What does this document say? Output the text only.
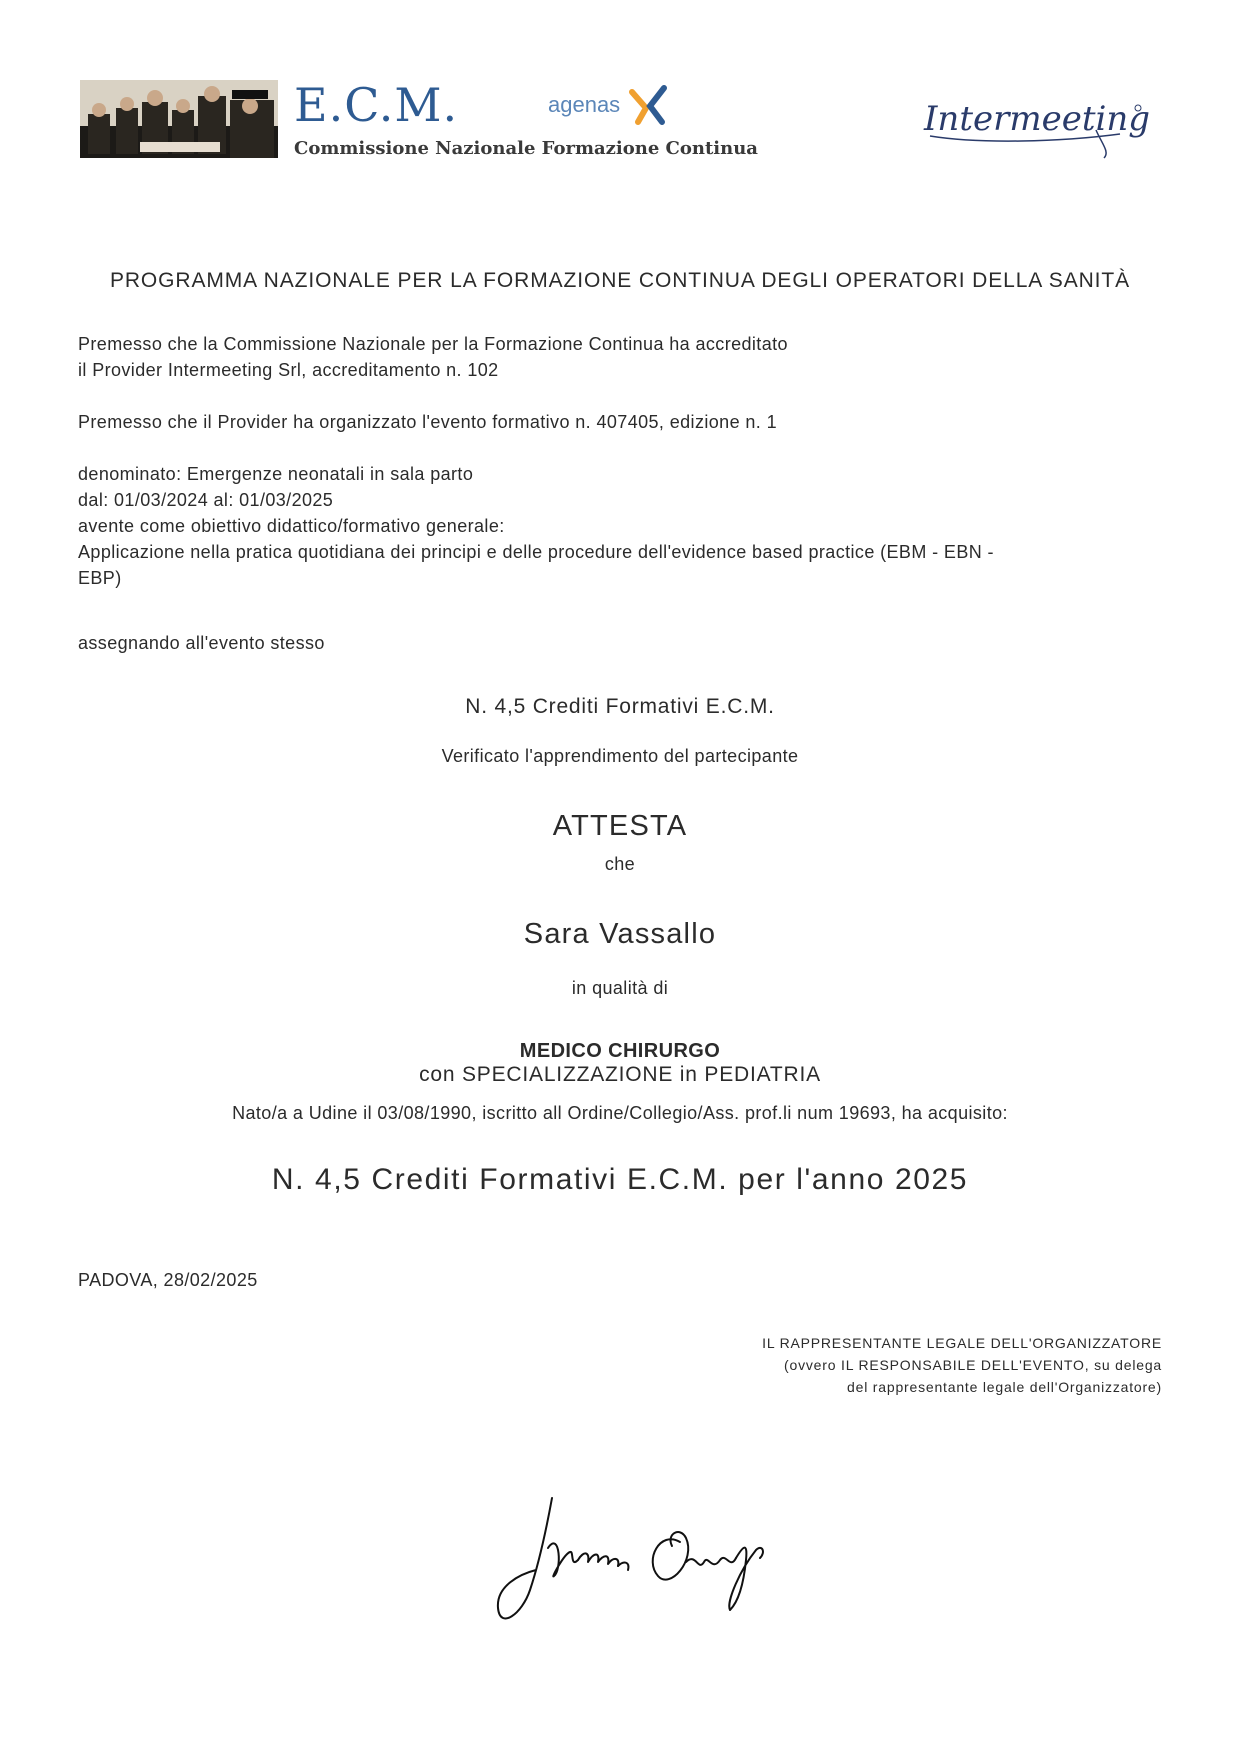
E.C.M.	agenas
Commissione Nazionale Formazione Continua
Intermeeting
PROGRAMMA NAZIONALE PER LA FORMAZIONE CONTINUA DEGLI OPERATORI DELLA SANITÀ
Premesso che la Commissione Nazionale per la Formazione Continua ha accreditato
il Provider Intermeeting Srl, accreditamento n. 102
Premesso che il Provider ha organizzato l'evento formativo n. 407405, edizione n. 1
denominato: Emergenze neonatali in sala parto
dal: 01/03/2024 al: 01/03/2025
avente come obiettivo didattico/formativo generale:
Applicazione nella pratica quotidiana dei principi e delle procedure dell'evidence based practice (EBM - EBN -
EBP)
assegnando all'evento stesso
N. 4,5 Crediti Formativi E.C.M.
Verificato l'apprendimento del partecipante
ATTESTA
che
Sara Vassallo
in qualità di
MEDICO CHIRURGO
con SPECIALIZZAZIONE in PEDIATRIA
Nato/a a Udine il 03/08/1990, iscritto all Ordine/Collegio/Ass. prof.li num 19693, ha acquisito:
N. 4,5 Crediti Formativi E.C.M. per l'anno 2025
PADOVA, 28/02/2025
IL RAPPRESENTANTE LEGALE DELL'ORGANIZZATORE
(ovvero IL RESPONSABILE DELL'EVENTO, su delega
del rappresentante legale dell'Organizzatore)
